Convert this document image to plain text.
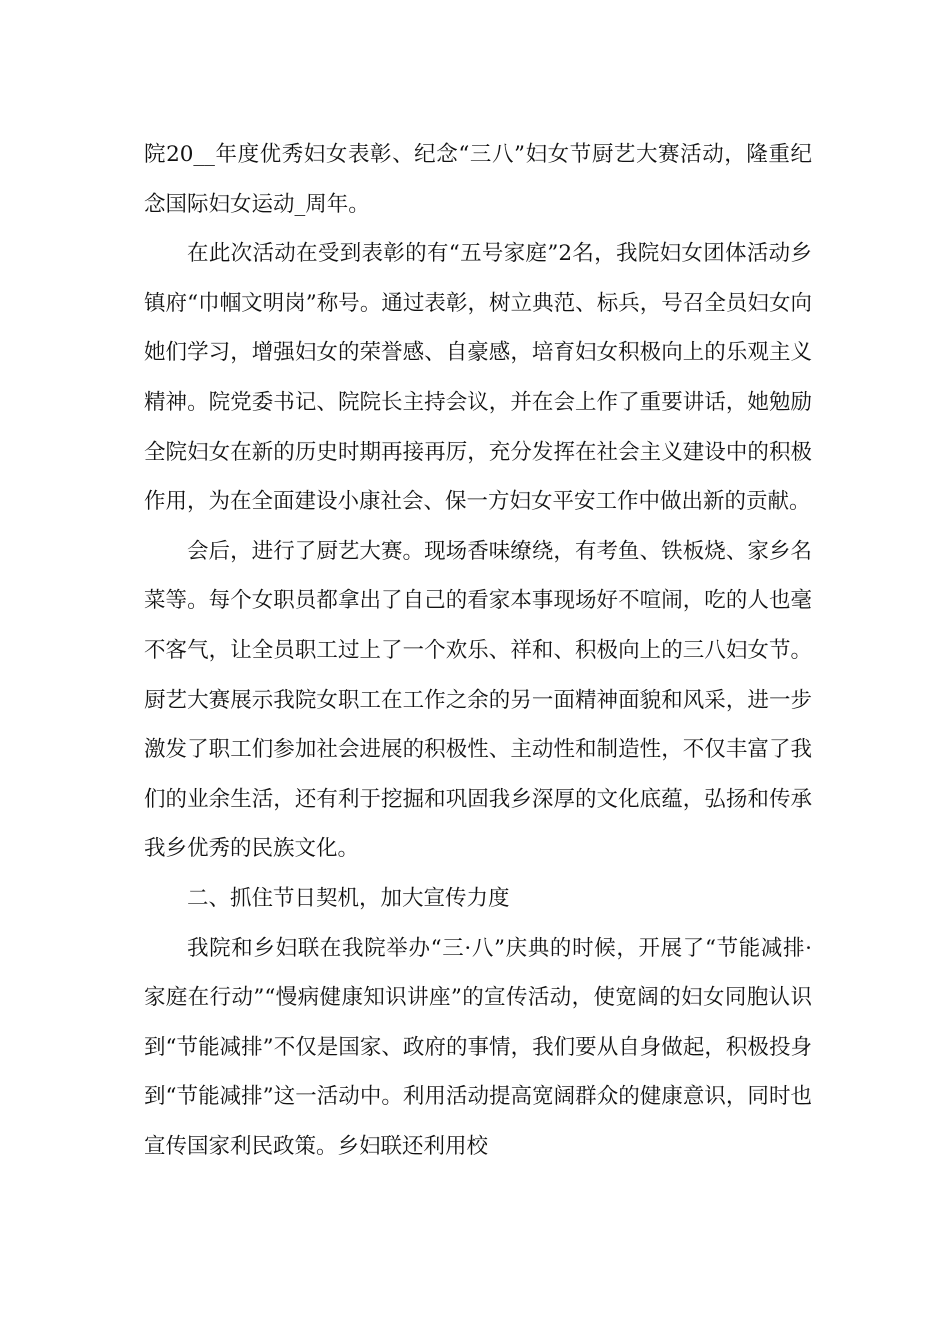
院20__年度优秀妇女表彰、纪念“三八”妇女节厨艺大赛活动，隆重纪念国际妇女运动_周年。

在此次活动在受到表彰的有“五号家庭”2名，我院妇女团体活动乡镇府“巾帼文明岗”称号。通过表彰，树立典范、标兵，号召全员妇女向她们学习，增强妇女的荣誉感、自豪感，培育妇女积极向上的乐观主义精神。院党委书记、院院长主持会议，并在会上作了重要讲话，她勉励全院妇女在新的历史时期再接再厉，充分发挥在社会主义建设中的积极作用，为在全面建设小康社会、保一方妇女平安工作中做出新的贡献。

会后，进行了厨艺大赛。现场香味缭绕，有考鱼、铁板烧、家乡名菜等。每个女职员都拿出了自己的看家本事现场好不喧闹，吃的人也毫不客气，让全员职工过上了一个欢乐、祥和、积极向上的三八妇女节。厨艺大赛展示我院女职工在工作之余的另一面精神面貌和风采，进一步激发了职工们参加社会进展的积极性、主动性和制造性，不仅丰富了我们的业余生活，还有利于挖掘和巩固我乡深厚的文化底蕴，弘扬和传承我乡优秀的民族文化。

二、抓住节日契机，加大宣传力度

我院和乡妇联在我院举办“三·八”庆典的时候，开展了“节能减排·家庭在行动”“慢病健康知识讲座”的宣传活动，使宽阔的妇女同胞认识到“节能减排”不仅是国家、政府的事情，我们要从自身做起，积极投身到“节能减排”这一活动中。利用活动提高宽阔群众的健康意识，同时也宣传国家利民政策。乡妇联还利用校
